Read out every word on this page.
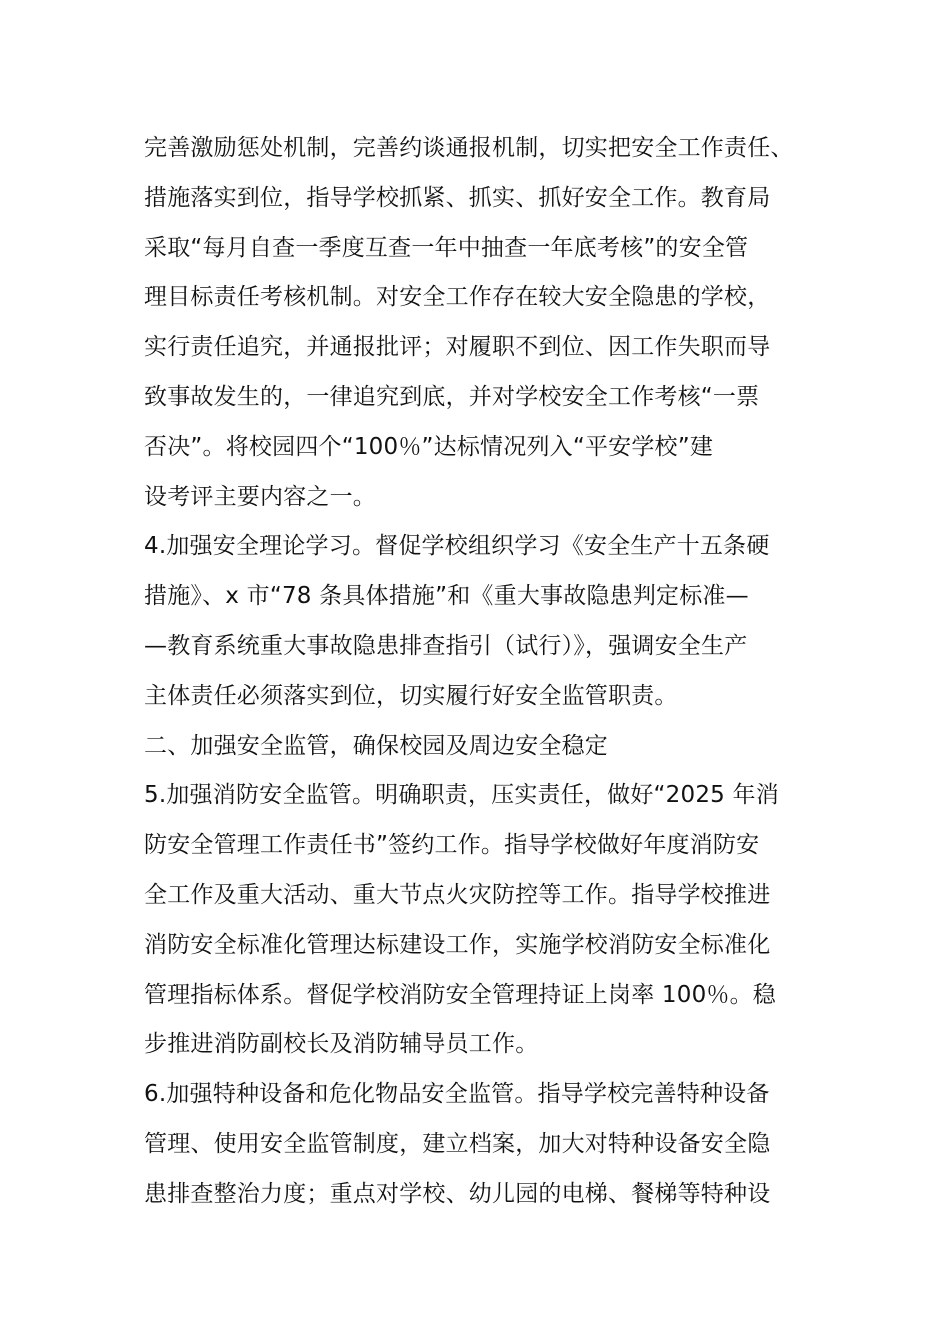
完善激励惩处机制，完善约谈通报机制，切实把安全工作责任、
措施落实到位，指导学校抓紧、抓实、抓好安全工作。教育局
采取“每月自查一季度互查一年中抽查一年底考核”的安全管
理目标责任考核机制。对安全工作存在较大安全隐患的学校，
实行责任追究，并通报批评；对履职不到位、因工作失职而导
致事故发生的，一律追究到底，并对学校安全工作考核“一票
否决”。将校园四个“100％”达标情况列入“平安学校”建
设考评主要内容之一。
4.加强安全理论学习。督促学校组织学习《安全生产十五条硬
措施》、x 市“78 条具体措施”和《重大事故隐患判定标准—
—教育系统重大事故隐患排查指引（试行）》，强调安全生产
主体责任必须落实到位，切实履行好安全监管职责。
二、加强安全监管，确保校园及周边安全稳定
5.加强消防安全监管。明确职责，压实责任，做好“2025 年消
防安全管理工作责任书”签约工作。指导学校做好年度消防安
全工作及重大活动、重大节点火灾防控等工作。指导学校推进
消防安全标准化管理达标建设工作，实施学校消防安全标准化
管理指标体系。督促学校消防安全管理持证上岗率 100％。稳
步推进消防副校长及消防辅导员工作。
6.加强特种设备和危化物品安全监管。指导学校完善特种设备
管理、使用安全监管制度，建立档案，加大对特种设备安全隐
患排查整治力度；重点对学校、幼儿园的电梯、餐梯等特种设
